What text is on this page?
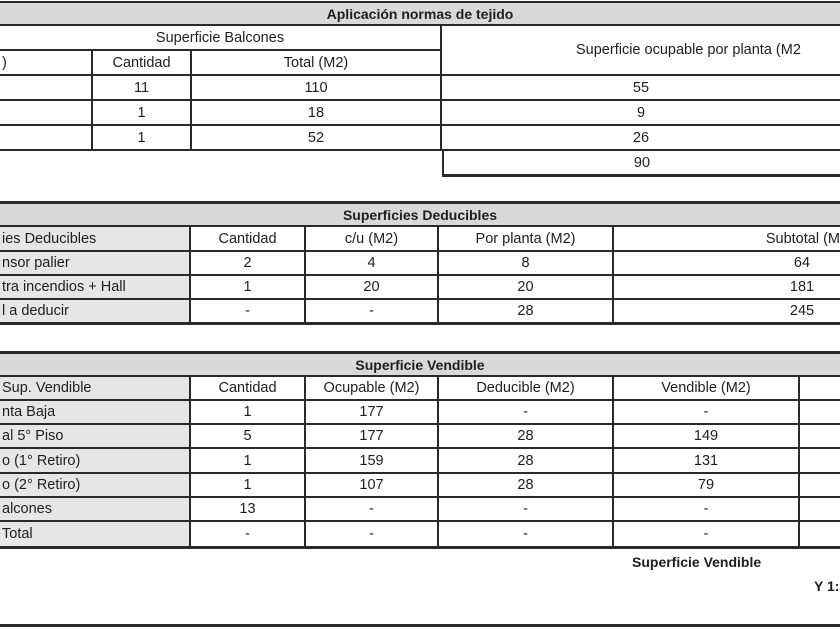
Aplicación normas de tejido
Superficie Balcones
Superficie ocupable por planta (M2
)	Cantidad	Total (M2)
11	110	55
1	18	9
1	52	26
90
Superficies Deducibles
ies Deducibles	Cantidad	c/u (M2)	Por planta (M2)	Subtotal (M
nsor palier	2	4	8	64
tra incendios + Hall	1	20	20	181
l a deducir	-	-	28	245
Superficie Vendible
Sup. Vendible	Cantidad	Ocupable (M2)	Deducible (M2)	Vendible (M2)
nta Baja	1	177	-	-
al 5° Piso	5	177	28	149
o (1° Retiro)	1	159	28	131
o (2° Retiro)	1	107	28	79
alcones	13	-	-	-
Total	-	-	-	-
Superficie Vendible
Y 1:
